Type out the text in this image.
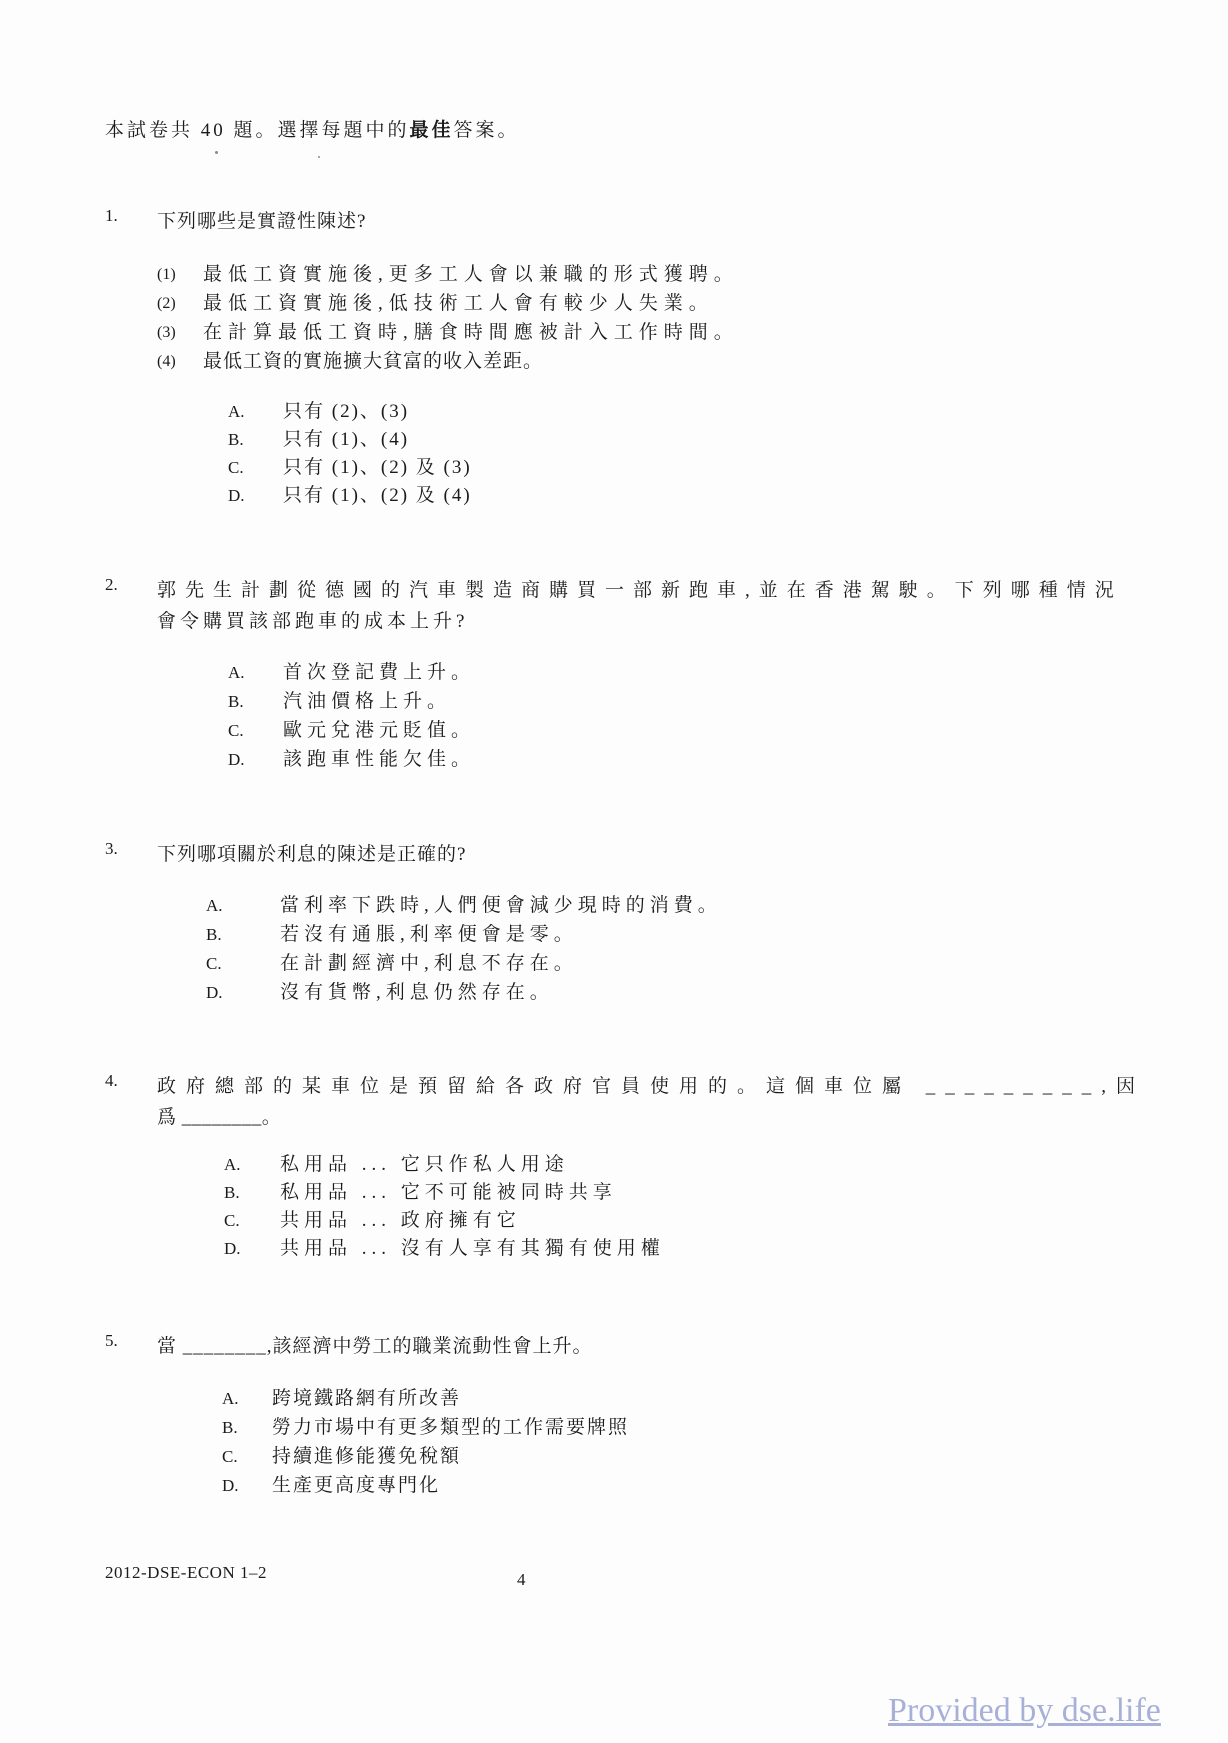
本試卷共 40 題。選擇每題中的最佳答案。

1.	下列哪些是實證性陳述?
(1)	最低工資實施後,更多工人會以兼職的形式獲聘。
(2)	最低工資實施後,低技術工人會有較少人失業。
(3)	在計算最低工資時,膳食時間應被計入工作時間。
(4)	最低工資的實施擴大貧富的收入差距。
A.	只有 (2)、(3)
B.	只有 (1)、(4)
C.	只有 (1)、(2) 及 (3)
D.	只有 (1)、(2) 及 (4)
2.	郭先生計劃從德國的汽車製造商購買一部新跑車,並在香港駕駛。下列哪種情況
會令購買該部跑車的成本上升?
A.	首次登記費上升。
B.	汽油價格上升。
C.	歐元兌港元貶值。
D.	該跑車性能欠佳。
3.	下列哪項關於利息的陳述是正確的?
A.	當利率下跌時,人們便會減少現時的消費。
B.	若沒有通脹,利率便會是零。
C.	在計劃經濟中,利息不存在。
D.	沒有貨幣,利息仍然存在。
4.	政府總部的某車位是預留給各政府官員使用的。這個車位屬 _________,因
爲 ________。
A.	私用品 ... 它只作私人用途
B.	私用品 ... 它不可能被同時共享
C.	共用品 ... 政府擁有它
D.	共用品 ... 沒有人享有其獨有使用權
5.	當 ________,該經濟中勞工的職業流動性會上升。
A.	跨境鐵路網有所改善
B.	勞力市場中有更多類型的工作需要牌照
C.	持續進修能獲免稅額
D.	生產更高度專門化
2012-DSE-ECON 1–2	4
Provided by dse.life
